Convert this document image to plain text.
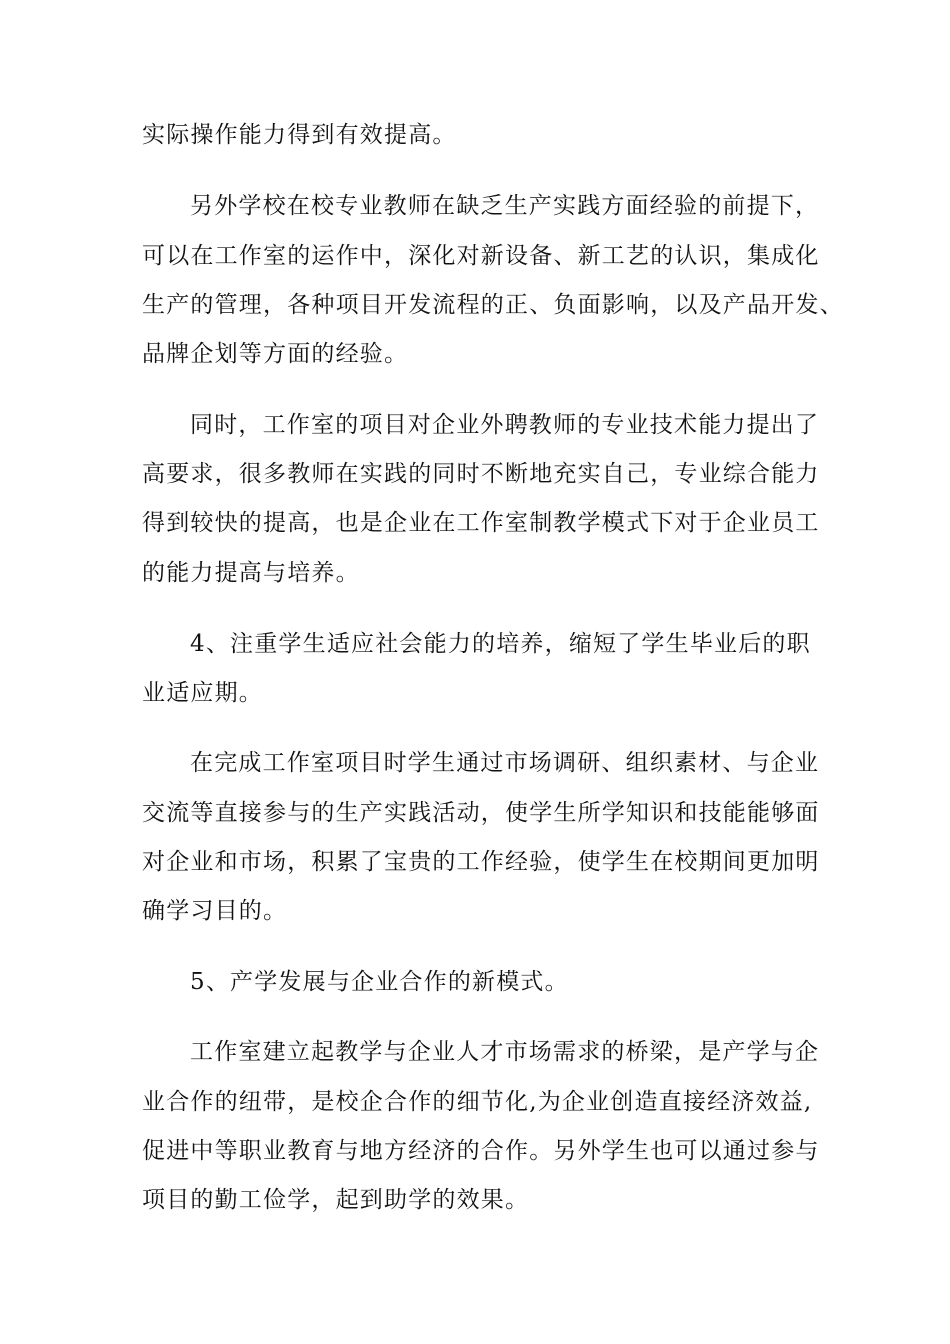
实际操作能力得到有效提高。
另外学校在校专业教师在缺乏生产实践方面经验的前提下，
可以在工作室的运作中，深化对新设备、新工艺的认识，集成化
生产的管理，各种项目开发流程的正、负面影响，以及产品开发、
品牌企划等方面的经验。
同时，工作室的项目对企业外聘教师的专业技术能力提出了
高要求，很多教师在实践的同时不断地充实自己，专业综合能力
得到较快的提高，也是企业在工作室制教学模式下对于企业员工
的能力提高与培养。
4、注重学生适应社会能力的培养，缩短了学生毕业后的职
业适应期。
在完成工作室项目时学生通过市场调研、组织素材、与企业
交流等直接参与的生产实践活动，使学生所学知识和技能能够面
对企业和市场，积累了宝贵的工作经验，使学生在校期间更加明
确学习目的。
5、产学发展与企业合作的新模式。
工作室建立起教学与企业人才市场需求的桥梁，是产学与企
业合作的纽带，是校企合作的细节化,为企业创造直接经济效益,
促进中等职业教育与地方经济的合作。另外学生也可以通过参与
项目的勤工俭学，起到助学的效果。
